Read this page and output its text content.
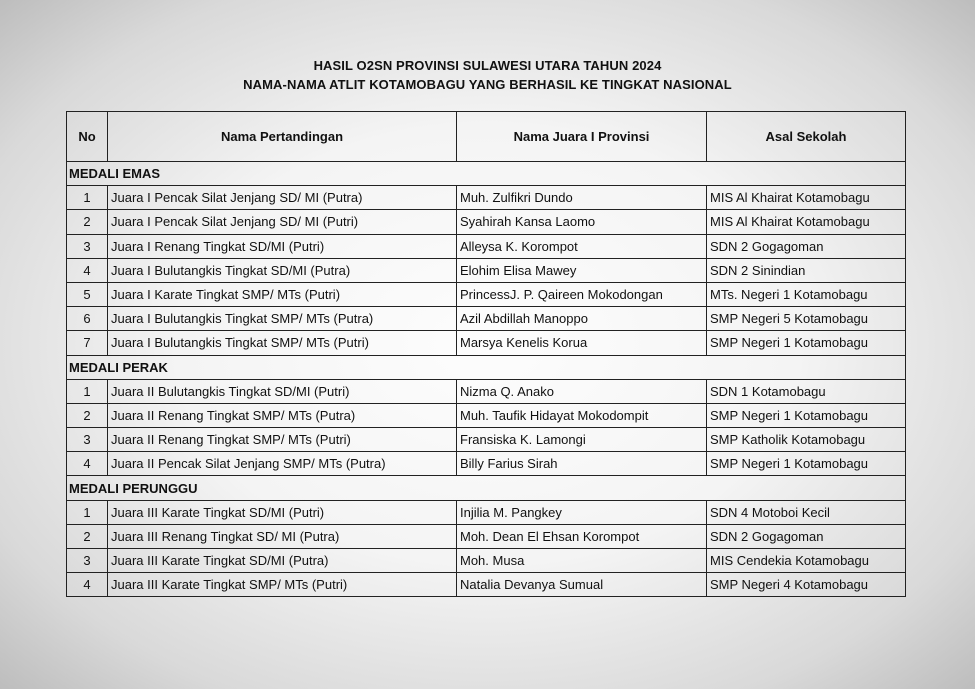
HASIL O2SN PROVINSI SULAWESI UTARA TAHUN 2024
NAMA-NAMA ATLIT KOTAMOBAGU YANG BERHASIL KE TINGKAT NASIONAL
No	Nama Pertandingan	Nama Juara I Provinsi	Asal Sekolah
MEDALI EMAS			
1	Juara I Pencak Silat Jenjang SD/ MI (Putra)	Muh. Zulfikri Dundo	MIS Al Khairat Kotamobagu
2	Juara I Pencak Silat Jenjang SD/ MI (Putri)	Syahirah Kansa Laomo	MIS Al Khairat Kotamobagu
3	Juara I Renang Tingkat SD/MI (Putri)	Alleysa K. Korompot	SDN 2 Gogagoman
4	Juara I Bulutangkis Tingkat SD/MI (Putra)	Elohim Elisa Mawey	SDN 2 Sinindian
5	Juara I Karate Tingkat SMP/ MTs (Putri)	PrincessJ. P. Qaireen Mokodongan	MTs. Negeri 1 Kotamobagu
6	Juara I Bulutangkis Tingkat SMP/ MTs (Putra)	Azil Abdillah Manoppo	SMP Negeri 5 Kotamobagu
7	Juara I Bulutangkis Tingkat SMP/ MTs (Putri)	Marsya Kenelis Korua	SMP Negeri 1 Kotamobagu
MEDALI PERAK			
1	Juara II Bulutangkis Tingkat SD/MI (Putri)	Nizma Q. Anako	SDN 1 Kotamobagu
2	Juara II Renang Tingkat SMP/ MTs (Putra)	Muh. Taufik Hidayat Mokodompit	SMP Negeri 1 Kotamobagu
3	Juara II Renang Tingkat SMP/ MTs (Putri)	Fransiska K. Lamongi	SMP Katholik Kotamobagu
4	Juara II Pencak Silat Jenjang SMP/ MTs (Putra)	Billy Farius Sirah	SMP Negeri 1 Kotamobagu
MEDALI PERUNGGU			
1	Juara III Karate Tingkat SD/MI (Putri)	Injilia M. Pangkey	SDN 4 Motoboi Kecil
2	Juara III Renang Tingkat SD/ MI (Putra)	Moh. Dean El Ehsan Korompot	SDN 2 Gogagoman
3	Juara III Karate Tingkat SD/MI (Putra)	Moh. Musa	MIS Cendekia Kotamobagu
4	Juara III Karate Tingkat SMP/ MTs (Putri)	Natalia Devanya Sumual	SMP Negeri 4 Kotamobagu
